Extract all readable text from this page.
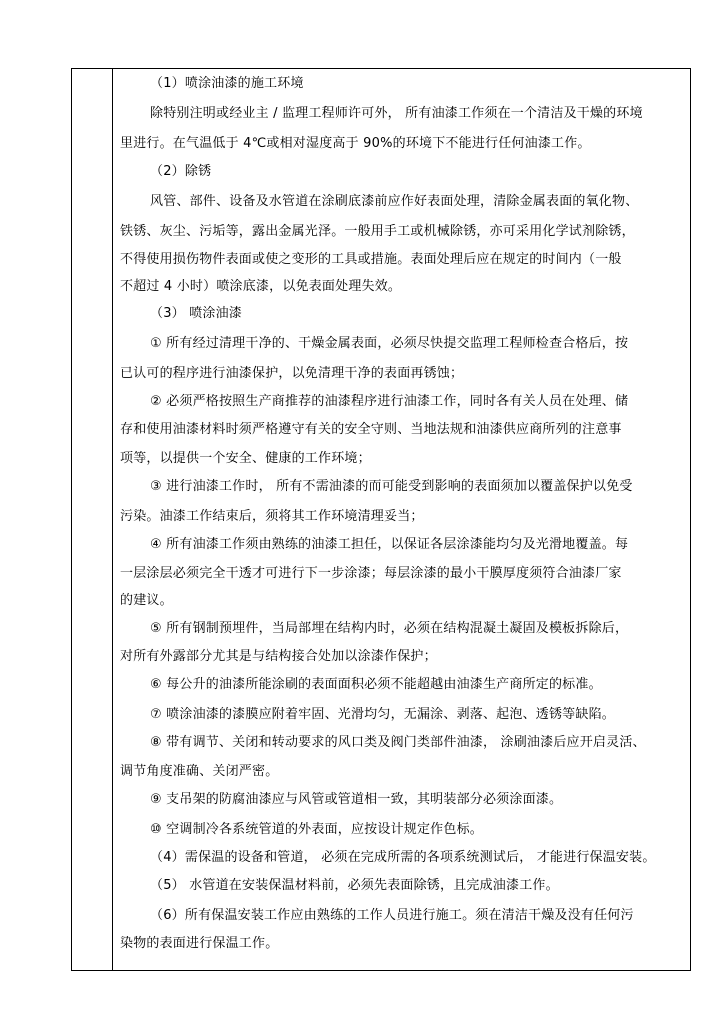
（1）喷涂油漆的施工环境
除特别注明或经业主 / 监理工程师许可外， 所有油漆工作须在一个清洁及干燥的环境
里进行。在气温低于 4℃或相对湿度高于 90%的环境下不能进行任何油漆工作。
（2）除锈
风管、部件、设备及水管道在涂刷底漆前应作好表面处理，清除金属表面的氧化物、
铁锈、灰尘、污垢等，露出金属光泽。一般用手工或机械除锈，亦可采用化学试剂除锈，
不得使用损伤物件表面或使之变形的工具或措施。表面处理后应在规定的时间内（一般
不超过 4 小时）喷涂底漆，以免表面处理失效。
（3） 喷涂油漆
① 所有经过清理干净的、干燥金属表面，必须尽快提交监理工程师检查合格后，按
已认可的程序进行油漆保护，以免清理干净的表面再锈蚀；
② 必须严格按照生产商推荐的油漆程序进行油漆工作，同时各有关人员在处理、储
存和使用油漆材料时须严格遵守有关的安全守则、当地法规和油漆供应商所列的注意事
项等，以提供一个安全、健康的工作环境；
③ 进行油漆工作时， 所有不需油漆的而可能受到影响的表面须加以覆盖保护以免受
污染。油漆工作结束后，须将其工作环境清理妥当；
④ 所有油漆工作须由熟练的油漆工担任，以保证各层涂漆能均匀及光滑地覆盖。每
一层涂层必须完全干透才可进行下一步涂漆；每层涂漆的最小干膜厚度须符合油漆厂家
的建议。
⑤ 所有钢制预埋件，当局部埋在结构内时，必须在结构混凝土凝固及模板拆除后，
对所有外露部分尤其是与结构接合处加以涂漆作保护；
⑥ 每公升的油漆所能涂刷的表面面积必须不能超越由油漆生产商所定的标准。
⑦ 喷涂油漆的漆膜应附着牢固、光滑均匀，无漏涂、剥落、起泡、透锈等缺陷。
⑧ 带有调节、关闭和转动要求的风口类及阀门类部件油漆， 涂刷油漆后应开启灵活、
调节角度准确、关闭严密。
⑨ 支吊架的防腐油漆应与风管或管道相一致，其明装部分必须涂面漆。
⑩ 空调制冷各系统管道的外表面，应按设计规定作色标。
（4）需保温的设备和管道， 必须在完成所需的各项系统测试后， 才能进行保温安装。
（5） 水管道在安装保温材料前，必须先表面除锈，且完成油漆工作。
（6）所有保温安装工作应由熟练的工作人员进行施工。须在清洁干燥及没有任何污
染物的表面进行保温工作。
